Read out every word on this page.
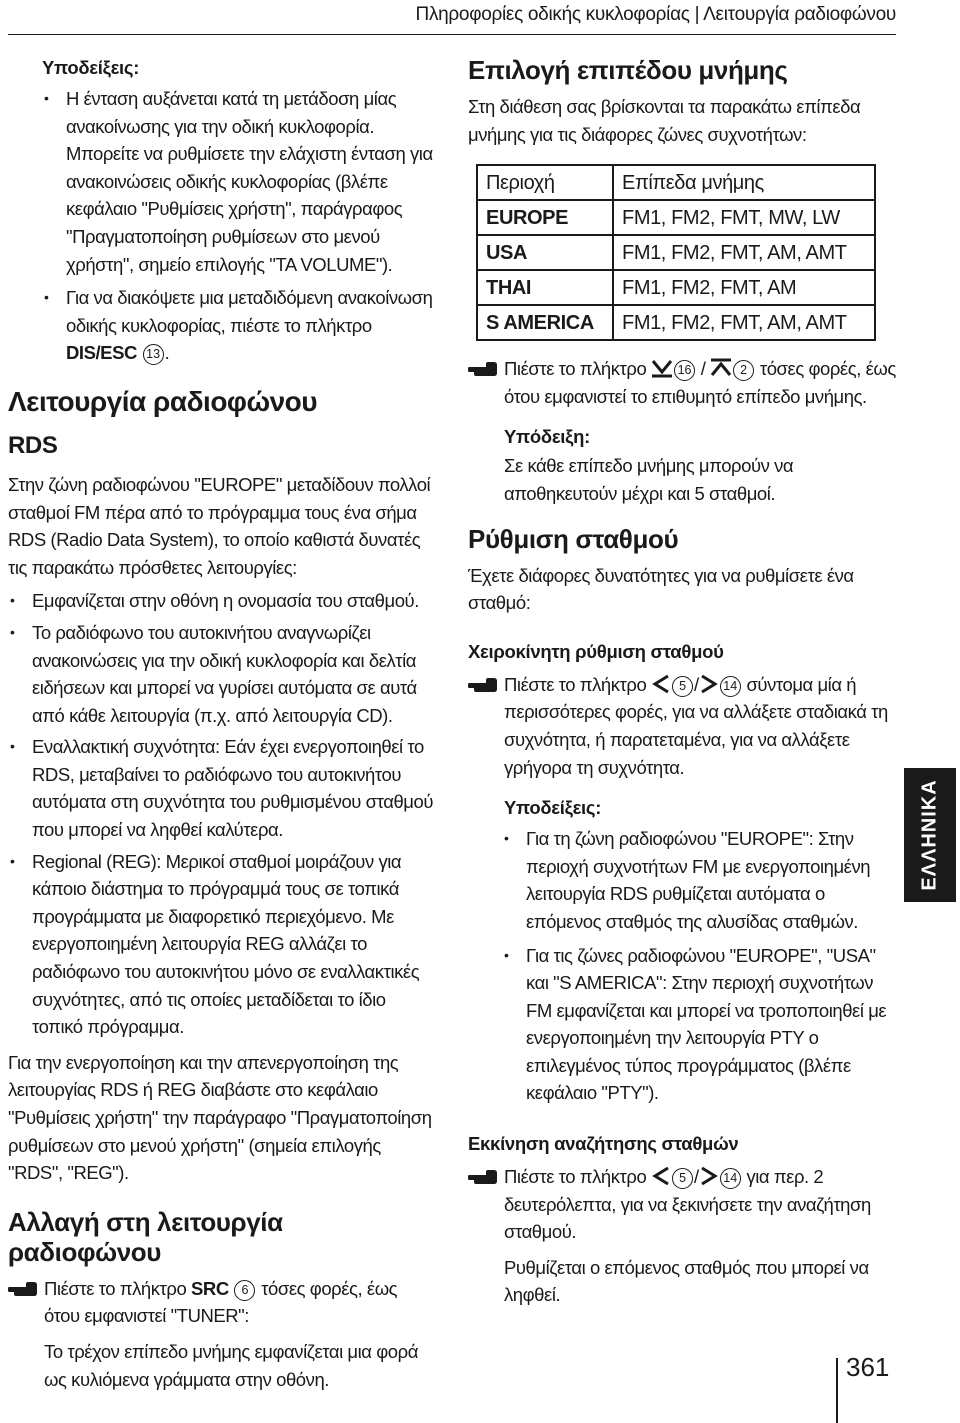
Πληροφορίες οδικής κυκλοφορίας | Λειτουργία ραδιοφώνου
Υποδείξεις:
• Η ένταση αυξάνεται κατά τη μετάδοση μίας ανακοίνωσης για την οδική κυκλοφορία. Μπορείτε να ρυθμίσετε την ελάχιστη ένταση για ανακοινώσεις οδικής κυκλοφορίας (βλέπε κεφάλαιο "Ρυθμίσεις χρήστη", παράγραφος "Πραγματοποίηση ρυθμίσεων στο μενού χρήστη", σημείο επιλογής "TA VOLUME").
• Για να διακόψετε μια μεταδιδόμενη ανακοίνωση οδικής κυκλοφορίας, πιέστε το πλήκτρο DIS/ESC 13 .
Λειτουργία ραδιοφώνου
RDS

Στην ζώνη ραδιοφώνου "EUROPE" μεταδίδουν πολλοί σταθμοί FM πέρα από το πρόγραμμα τους ένα σήμα RDS (Radio Data System), το οποίο καθιστά δυνατές τις παρακάτω πρόσθετες λειτουργίες:

• Εμφανίζεται στην οθόνη η ονομασία του σταθμού.
• Το ραδιόφωνο του αυτοκινήτου αναγνωρίζει ανακοινώσεις για την οδική κυκλοφορία και δελτία ειδήσεων και μπορεί να γυρίσει αυτόματα σε αυτά από κάθε λειτουργία (π.χ. από λειτουργία CD).
• Εναλλακτική συχνότητα: Εάν έχει ενεργοποιηθεί το RDS, μεταβαίνει το ραδιόφωνο του αυτοκινήτου αυτόματα στη συχνότητα του ρυθμισμένου σταθμού που μπορεί να ληφθεί καλύτερα.
• Regional (REG): Μερικοί σταθμοί μοιράζουν για κάποιο διάστημα το πρόγραμμά τους σε τοπικά προγράμματα με διαφορετικό περιεχόμενο. Με ενεργοποιημένη λειτουργία REG αλλάζει το ραδιόφωνο του αυτοκινήτου μόνο σε εναλλακτικές συχνότητες, από τις οποίες μεταδίδεται το ίδιο τοπικό πρόγραμμα.

Για την ενεργοποίηση και την απενεργοποίηση της λειτουργίας RDS ή REG διαβάστε στο κεφάλαιο "Ρυθμίσεις χρήστη" την παράγραφο "Πραγματοποίηση ρυθμίσεων στο μενού χρήστη" (σημεία επιλογής "RDS", "REG").

Αλλαγή στη λειτουργία ραδιοφώνου

Πιέστε το πλήκτρο SRC 6 τόσες φορές, έως ότου εμφανιστεί "TUNER":

Το τρέχον επίπεδο μνήμης εμφανίζεται μια φορά ως κυλιόμενα γράμματα στην οθόνη.

Επιλογή επιπέδου μνήμης

Στη διάθεση σας βρίσκονται τα παρακάτω επίπεδα μνήμης για τις διάφορες ζώνες συχνοτήτων:

Περιοχή	Επίπεδα μνήμης
EUROPE	FM1, FM2, FMT, MW, LW
USA	FM1, FM2, FMT, AM, AMT
THAI	FM1, FM2, FMT, AM
S AMERICA	FM1, FM2, FMT, AM, AMT

Πιέστε το πλήκτρο	16 /	2 τόσες φορές, έως ότου εμφανιστεί το επιθυμητό επίπεδο μνήμης.

Υπόδειξη:

Σε κάθε επίπεδο μνήμης μπορούν να αποθηκευτούν μέχρι και 5 σταθμοί.

Ρύθμιση σταθμού

Έχετε διάφορες δυνατότητες για να ρυθμίσετε ένα σταθμό:

Χειροκίνητη ρύθμιση σταθμού

Πιέστε το πλήκτρο	5 / 14 σύντομα μία ή περισσότερες φορές, για να αλλάξετε σταδιακά τη συχνότητα, ή παρατεταμένα, για να αλλάξετε γρήγορα τη συχνότητα.

Υποδείξεις:
• Για τη ζώνη ραδιοφώνου "EUROPE": Στην περιοχή συχνοτήτων FM με ενεργοποιημένη λειτουργία RDS ρυθμίζεται αυτόματα ο επόμενος σταθμός της αλυσίδας σταθμών.
• Για τις ζώνες ραδιοφώνου "EUROPE", "USA" και "S AMERICA": Στην περιοχή συχνοτήτων FM εμφανίζεται και μπορεί να τροποποιηθεί με ενεργοποιημένη την λειτουργία PTY ο επιλεγμένος τύπος προγράμματος (βλέπε κεφάλαιο "PTY").
Εκκίνηση αναζήτησης σταθμών

Πιέστε το πλήκτρο	5 / 14 για περ. 2 δευτερόλεπτα, για να ξεκινήσετε την αναζήτηση σταθμού.

Ρυθμίζεται ο επόμενος σταθμός που μπορεί να ληφθεί.

ΕΛΛΗΝΙΚΑ
361
